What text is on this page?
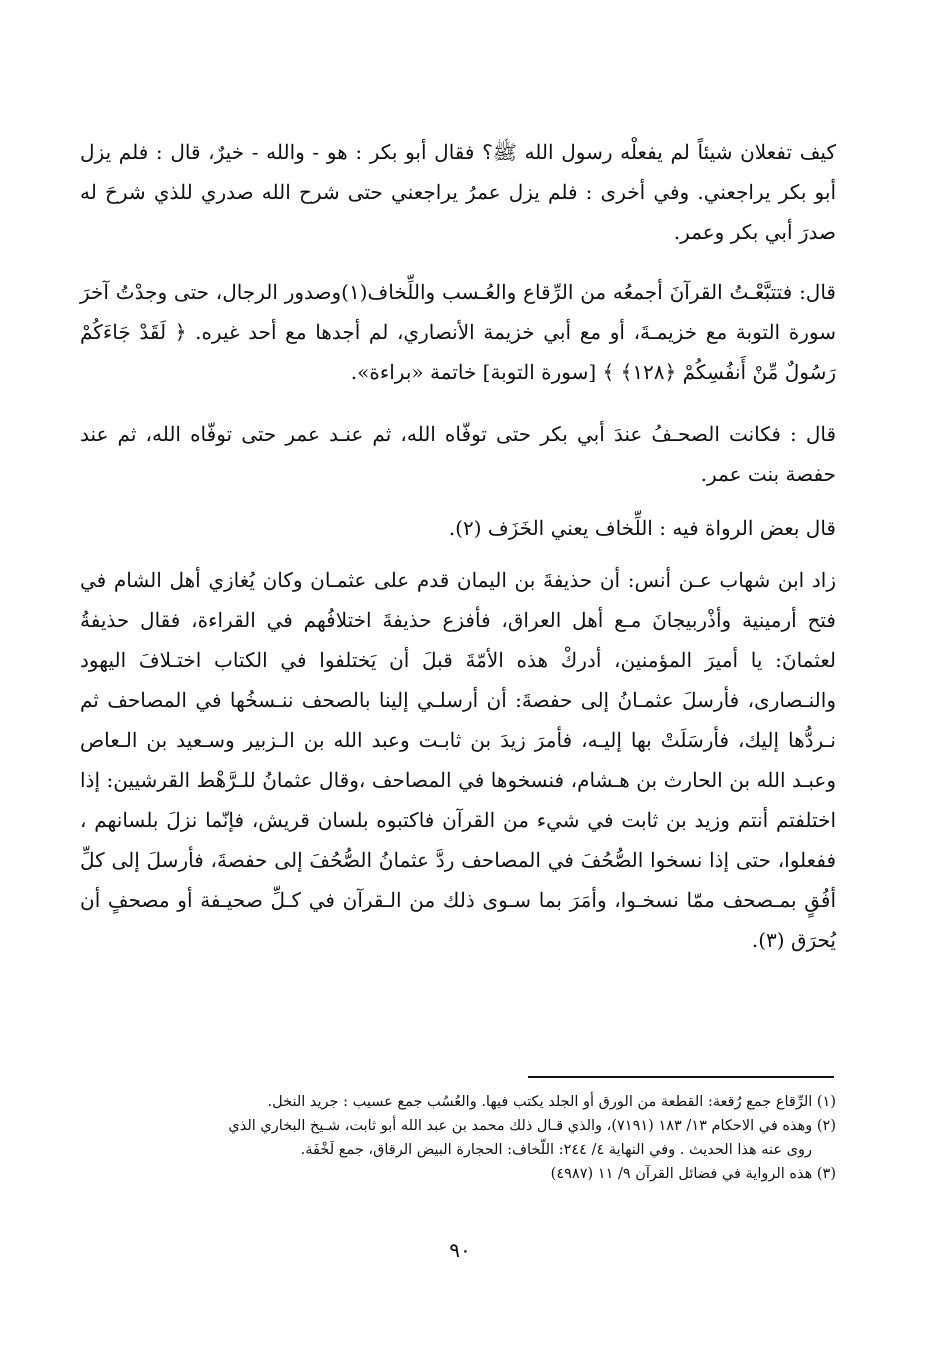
كيف تفعلان شيئاً لم يفعلْه رسول الله ﷺ؟ فقال أبو بكر : هو - والله - خيرٌ، قال : فلم يزل أبو بكر يراجعني. وفي أخرى : فلم يزل عمرُ يراجعني حتى شرح الله صدري للذي شرحَ له صدرَ أبي بكر وعمر.

قال: فتتبَّعْـتُ القرآنَ أجمعُه من الرِّقاع والعُـسب واللِّخاف(١)وصدور الرجال، حتى وجدْتُ آخرَ سورة التوبة مع خزيمـةَ، أو مع أبي خزيمة الأنصاري، لم أجدها مع أحد غيره. ﴿ لَقَدْ جَاءَكُمْ رَسُولٌ مِّنْ أَنفُسِكُمْ ﴿١٢٨﴾ ﴾ [سورة التوبة] خاتمة «براءة».

قال : فكانت الصحـفُ عندَ أبي بكر حتى توفّاه الله، ثم عنـد عمر حتى توفّاه الله، ثم عند حفصة بنت عمر.

قال بعض الرواة فيه : اللِّخاف يعني الخَزَف (٢).

زاد ابن شهاب عـن أنس: أن حذيفةَ بن اليمان قدم على عثمـان وكان يُغازي أهل الشام في فتح أرمينية وأذْربيجانَ مـع أهل العراق، فأفزع حذيفةَ اختلافُهم في القراءة، فقال حذيفةُ لعثمانَ: يا أميرَ المؤمنين، أدركْ هذه الأمّةَ قبلَ أن يَختلفوا في الكتاب اختـلافَ اليهود والنـصارى، فأرسلَ عثمـانُ إلى حفصةَ: أن أرسلـي إلينا بالصحف ننـسخُها في المصاحف ثم نـردُّها إليك، فأرسَلَتْ بها إليـه، فأمرَ زيدَ بن ثابـت وعبد الله بن الـزبير وسـعيد بن الـعاص وعبـد الله بن الحارث بن هـشام، فنسخوها في المصاحف ،وقال عثمانُ للـرَّهْط القرشيين: إذا اختلفتم أنتم وزيد بن ثابت في شيء من القرآن فاكتبوه بلسان قريش، فإنّما نزلَ بلسانهم ، ففعلوا، حتى إذا نسخوا الصُّحُفَ في المصاحف ردَّ عثمانُ الصُّحُفَ إلى حفصةَ، فأرسلَ إلى كلِّ أفُقٍ بمـصحف ممّا نسخـوا، وأمَرَ بما سـوى ذلك من الـقرآن في كـلِّ صحيـفة أو مصحفٍ أن يُحرَق (٣).

(١) الرِّقاع جمع رُقعة: القطعة من الورق أو الجلد يكتب فيها. والعُسُب جمع عسيب : جريد النخل.

(٢) وهذه في الاحكام ١٣/ ١٨٣ (٧١٩١)، والذي قـال ذلك محمد بن عبد الله أبو ثابت، شـيخ البخاري الذي

روى عنه هذا الحديث . وفي النهاية ٤/ ٢٤٤: اللّخاف: الحجارة البيض الرقاق، جمع لَخْفَة.

(٣) هذه الرواية في فضائل القرآن ٩/ ١١ (٤٩٨٧)

٩٠
